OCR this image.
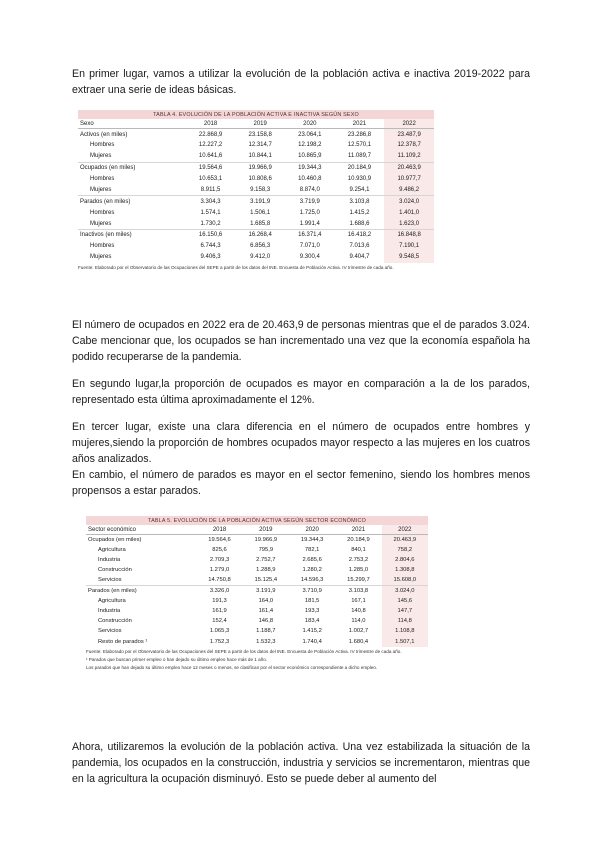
En primer lugar, vamos a utilizar la evolución de la población activa e inactiva 2019-2022 para extraer una serie de ideas básicas.

TABLA 4. EVOLUCIÓN DE LA POBLACIÓN ACTIVA E INACTIVA SEGÚN SEXO
Sexo	2018	2019	2020	2021	2022
Activos (en miles)	22.868,9	23.158,8	23.064,1	23.286,8	23.487,9
Hombres	12.227,2	12.314,7	12.198,2	12.570,1	12.378,7
Mujeres	10.641,6	10.844,1	10.865,9	11.089,7	11.109,2
Ocupados (en miles)	19.564,6	19.966,9	19.344,3	20.184,9	20.463,9
Hombres	10.653,1	10.808,6	10.460,8	10.930,9	10.977,7
Mujeres	8.911,5	9.158,3	8.874,0	9.254,1	9.486,2
Parados (en miles)	3.304,3	3.191,9	3.719,9	3.103,8	3.024,0
Hombres	1.574,1	1.506,1	1.725,0	1.415,2	1.401,0
Mujeres	1.730,2	1.685,8	1.991,4	1.688,6	1.623,0
Inactivos (en miles)	16.150,6	16.268,4	16.371,4	16.418,2	16.848,8
Hombres	6.744,3	6.856,3	7.071,0	7.013,6	7.190,1
Mujeres	9.406,3	9.412,0	9.300,4	9.404,7	9.548,5
Fuente: Elaborado por el Observatorio de las Ocupaciones del SEPE a partir de los datos del INE. Encuesta de Población Activa. IV trimestre de cada año.

El número de ocupados en 2022 era de 20.463,9 de personas mientras que el de parados 3.024. Cabe mencionar que, los ocupados se han incrementado una vez que la economía española ha podido recuperarse de la pandemia.

En segundo lugar,la proporción de ocupados es mayor en comparación a la de los parados, representado esta última aproximadamente el 12%.

En tercer lugar, existe una clara diferencia en el número de ocupados entre hombres y mujeres,siendo la proporción de hombres ocupados mayor respecto a las mujeres en los cuatros años analizados.

En cambio, el número de parados es mayor en el sector femenino, siendo los hombres menos propensos a estar parados.

TABLA 5. EVOLUCIÓN DE LA POBLACIÓN ACTIVA SEGÚN SECTOR ECONÓMICO
Sector económico	2018	2019	2020	2021	2022
Ocupados (en miles)	19.564,6	19.966,9	19.344,3	20.184,9	20.463,9
Agricultura	825,6	795,9	782,1	840,1	758,2
Industria	2.709,3	2.752,7	2.685,6	2.753,2	2.804,6
Construcción	1.279,0	1.288,9	1.280,2	1.285,0	1.308,8
Servicios	14.750,8	15.125,4	14.596,3	15.299,7	15.608,0
Parados (en miles)	3.326,0	3.191,9	3.710,9	3.103,8	3.024,0
Agricultura	191,3	164,0	181,5	167,1	145,6
Industria	161,9	161,4	193,3	140,8	147,7
Construcción	152,4	146,8	183,4	114,0	114,8
Servicios	1.065,3	1.188,7	1.415,2	1.002,7	1.108,8
Resto de parados ¹	1.752,3	1.532,3	1.740,4	1.680,4	1.507,1
Fuente: Elaborado por el Observatorio de las Ocupaciones del SEPE a partir de los datos del INE. Encuesta de Población Activa. IV trimestre de cada año.
¹ Parados que buscan primer empleo o han dejado su último empleo hace más de 1 año.
Los parados que han dejado su último empleo hace 12 meses o menos, se clasifican por el sector económico correspondiente a dicho empleo.

Ahora, utilizaremos la evolución de la población activa. Una vez estabilizada la situación de la pandemia, los ocupados en la construcción, industria y servicios se incrementaron, mientras que en la agricultura la ocupación disminuyó. Esto se puede deber al aumento del
